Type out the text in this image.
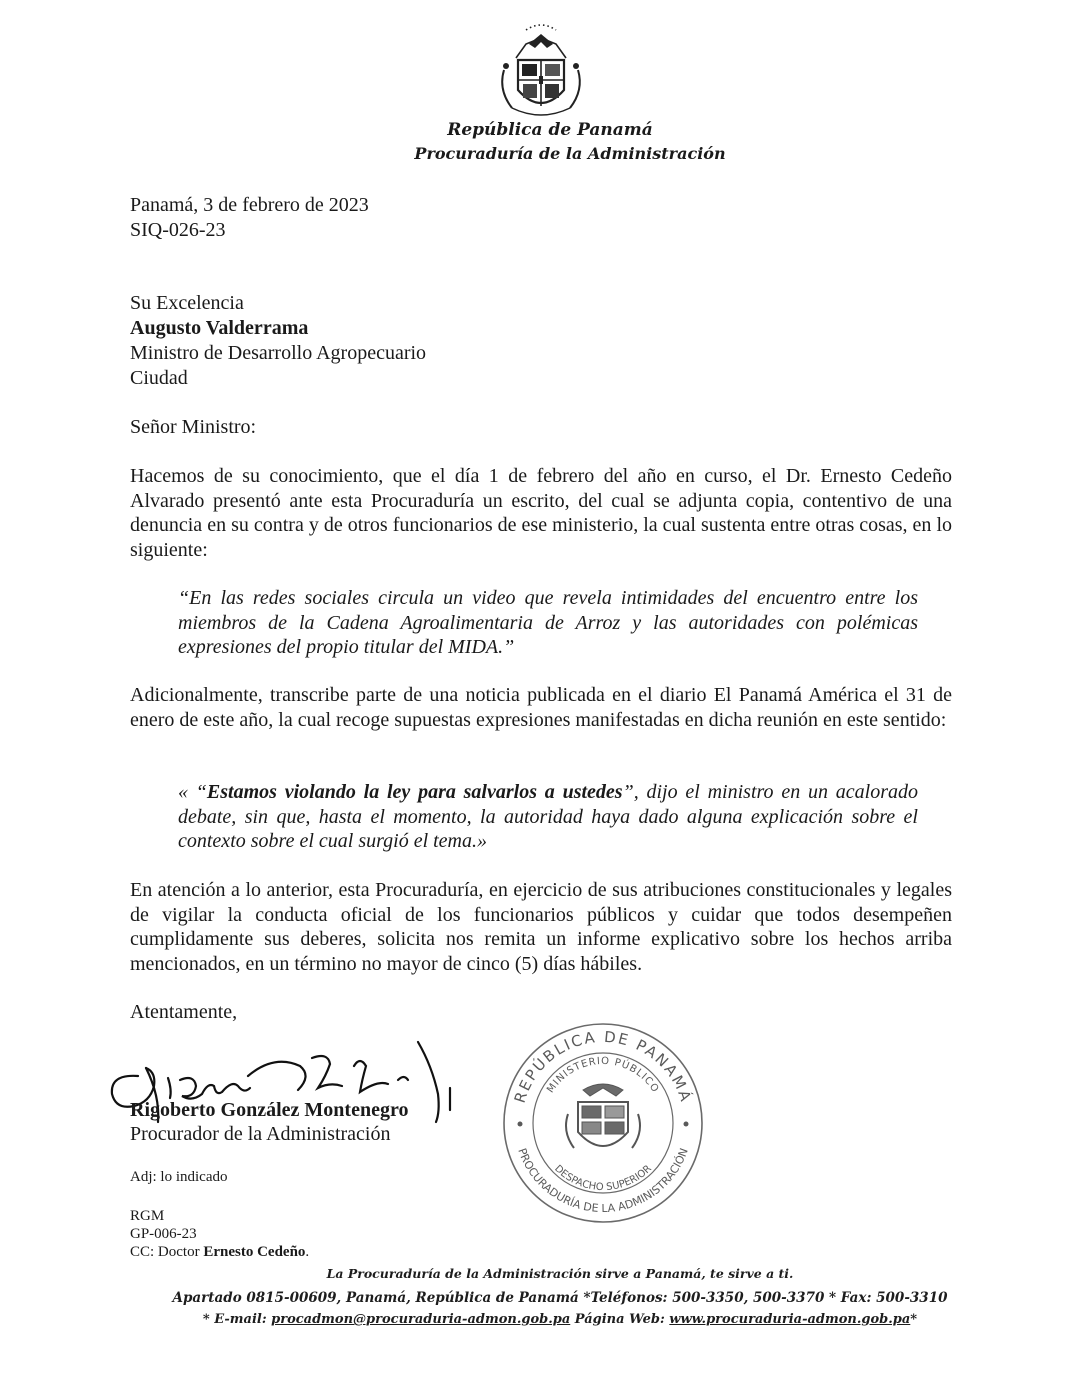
República de Panamá
Procuraduría de la Administración
Panamá, 3 de febrero de 2023
SIQ-026-23
Su Excelencia
Augusto Valderrama
Ministro de Desarrollo Agropecuario
Ciudad
Señor Ministro:

Hacemos de su conocimiento, que el día 1 de febrero del año en curso, el Dr. Ernesto Cedeño Alvarado presentó ante esta Procuraduría un escrito, del cual se adjunta copia, contentivo de una denuncia en su contra y de otros funcionarios de ese ministerio, la cual sustenta entre otras cosas, en lo siguiente:

“En las redes sociales circula un video que revela intimidades del encuentro entre los miembros de la Cadena Agroalimentaria de Arroz y las autoridades con polémicas expresiones del propio titular del MIDA.”

Adicionalmente, transcribe parte de una noticia publicada en el diario El Panamá América el 31 de enero de este año, la cual recoge supuestas expresiones manifestadas en dicha reunión en este sentido:

« “Estamos violando la ley para salvarlos a ustedes”, dijo el ministro en un acalorado debate, sin que, hasta el momento, la autoridad haya dado alguna explicación sobre el contexto sobre el cual surgió el tema.»

En atención a lo anterior, esta Procuraduría, en ejercicio de sus atribuciones constitucionales y legales de vigilar la conducta oficial de los funcionarios públicos y cuidar que todos desempeñen cumplidamente sus deberes, solicita nos remita un informe explicativo sobre los hechos arriba mencionados, en un término no mayor de cinco (5) días hábiles.

Atentamente,
Rigoberto González Montenegro
Procurador de la Administración
Adj: lo indicado
RGM
GP-006-23
CC: Doctor Ernesto Cedeño.
REPÚBLICA DE PANAMÁ
MINISTERIO PÚBLICO
DESPACHO SUPERIOR
PROCURADURÍA DE LA ADMINISTRACIÓN
La Procuraduría de la Administración sirve a Panamá, te sirve a ti.
Apartado 0815-00609, Panamá, República de Panamá *Teléfonos: 500-3350, 500-3370 * Fax: 500-3310
* E-mail: procadmon@procuraduria-admon.gob.pa Página Web: www.procuraduria-admon.gob.pa*
